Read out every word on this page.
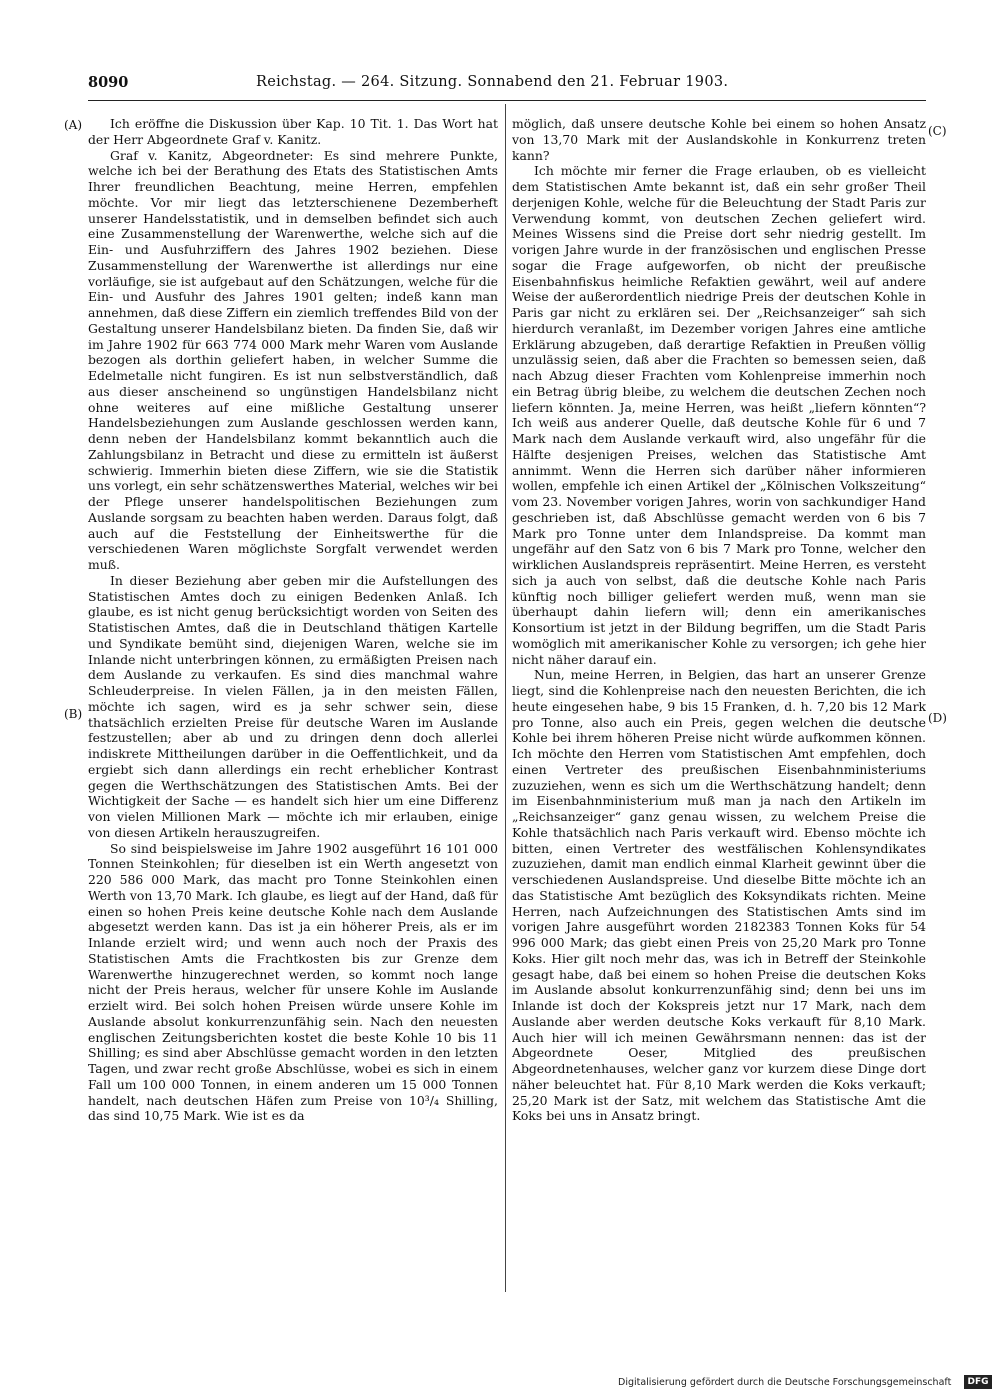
8090	Reichstag. — 264. Sitzung. Sonnabend den 21. Februar 1903.
(A)
(B)
(C)
(D)

Ich eröffne die Diskussion über Kap. 10 Tit. 1. Das Wort hat der Herr Abgeordnete Graf v. Kanitz.

Graf v. Kanitz, Abgeordneter: Es sind mehrere Punkte, welche ich bei der Berathung des Etats des Statistischen Amts Ihrer freundlichen Beachtung, meine Herren, empfehlen möchte. Vor mir liegt das letzterschienene Dezemberheft unserer Handelsstatistik, und in demselben befindet sich auch eine Zusammenstellung der Warenwerthe, welche sich auf die Ein- und Ausfuhrziffern des Jahres 1902 beziehen. Diese Zusammenstellung der Warenwerthe ist allerdings nur eine vorläufige, sie ist aufgebaut auf den Schätzungen, welche für die Ein- und Ausfuhr des Jahres 1901 gelten; indeß kann man annehmen, daß diese Ziffern ein ziemlich treffendes Bild von der Gestaltung unserer Handelsbilanz bieten. Da finden Sie, daß wir im Jahre 1902 für 663 774 000 Mark mehr Waren vom Auslande bezogen als dorthin geliefert haben, in welcher Summe die Edelmetalle nicht fungiren. Es ist nun selbstverständlich, daß aus dieser anscheinend so ungünstigen Handelsbilanz nicht ohne weiteres auf eine mißliche Gestaltung unserer Handelsbeziehungen zum Auslande geschlossen werden kann, denn neben der Handelsbilanz kommt bekanntlich auch die Zahlungsbilanz in Betracht und diese zu ermitteln ist äußerst schwierig. Immerhin bieten diese Ziffern, wie sie die Statistik uns vorlegt, ein sehr schätzenswerthes Material, welches wir bei der Pflege unserer handelspolitischen Beziehungen zum Auslande sorgsam zu beachten haben werden. Daraus folgt, daß auch auf die Feststellung der Einheitswerthe für die verschiedenen Waren möglichste Sorgfalt verwendet werden muß.

In dieser Beziehung aber geben mir die Aufstellungen des Statistischen Amtes doch zu einigen Bedenken Anlaß. Ich glaube, es ist nicht genug berücksichtigt worden von Seiten des Statistischen Amtes, daß die in Deutschland thätigen Kartelle und Syndikate bemüht sind, diejenigen Waren, welche sie im Inlande nicht unterbringen können, zu ermäßigten Preisen nach dem Auslande zu verkaufen. Es sind dies manchmal wahre Schleuderpreise. In vielen Fällen, ja in den meisten Fällen, möchte ich sagen, wird es ja sehr schwer sein, diese thatsächlich erzielten Preise für deutsche Waren im Auslande festzustellen; aber ab und zu dringen denn doch allerlei indiskrete Mittheilungen darüber in die Oeffentlichkeit, und da ergiebt sich dann allerdings ein recht erheblicher Kontrast gegen die Werthschätzungen des Statistischen Amts. Bei der Wichtigkeit der Sache — es handelt sich hier um eine Differenz von vielen Millionen Mark — möchte ich mir erlauben, einige von diesen Artikeln herauszugreifen.

So sind beispielsweise im Jahre 1902 ausgeführt 16 101 000 Tonnen Steinkohlen; für dieselben ist ein Werth angesetzt von 220 586 000 Mark, das macht pro Tonne Steinkohlen einen Werth von 13,70 Mark. Ich glaube, es liegt auf der Hand, daß für einen so hohen Preis keine deutsche Kohle nach dem Auslande abgesetzt werden kann. Das ist ja ein höherer Preis, als er im Inlande erzielt wird; und wenn auch noch der Praxis des Statistischen Amts die Frachtkosten bis zur Grenze dem Warenwerthe hinzugerechnet werden, so kommt noch lange nicht der Preis heraus, welcher für unsere Kohle im Auslande erzielt wird. Bei solch hohen Preisen würde unsere Kohle im Auslande absolut konkurrenzunfähig sein. Nach den neuesten englischen Zeitungsberichten kostet die beste Kohle 10 bis 11 Shilling; es sind aber Abschlüsse gemacht worden in den letzten Tagen, und zwar recht große Abschlüsse, wobei es sich in einem Fall um 100 000 Tonnen, in einem anderen um 15 000 Tonnen handelt, nach deutschen Häfen zum Preise von 10³/₄ Shilling, das sind 10,75 Mark. Wie ist es da

möglich, daß unsere deutsche Kohle bei einem so hohen Ansatz von 13,70 Mark mit der Auslandskohle in Konkurrenz treten kann?

Ich möchte mir ferner die Frage erlauben, ob es vielleicht dem Statistischen Amte bekannt ist, daß ein sehr großer Theil derjenigen Kohle, welche für die Beleuchtung der Stadt Paris zur Verwendung kommt, von deutschen Zechen geliefert wird. Meines Wissens sind die Preise dort sehr niedrig gestellt. Im vorigen Jahre wurde in der französischen und englischen Presse sogar die Frage aufgeworfen, ob nicht der preußische Eisenbahnfiskus heimliche Refaktien gewährt, weil auf andere Weise der außerordentlich niedrige Preis der deutschen Kohle in Paris gar nicht zu erklären sei. Der „Reichsanzeiger“ sah sich hierdurch veranlaßt, im Dezember vorigen Jahres eine amtliche Erklärung abzugeben, daß derartige Refaktien in Preußen völlig unzulässig seien, daß aber die Frachten so bemessen seien, daß nach Abzug dieser Frachten vom Kohlenpreise immerhin noch ein Betrag übrig bleibe, zu welchem die deutschen Zechen noch liefern könnten. Ja, meine Herren, was heißt „liefern könnten“? Ich weiß aus anderer Quelle, daß deutsche Kohle für 6 und 7 Mark nach dem Auslande verkauft wird, also ungefähr für die Hälfte desjenigen Preises, welchen das Statistische Amt annimmt. Wenn die Herren sich darüber näher informieren wollen, empfehle ich einen Artikel der „Kölnischen Volkszeitung“ vom 23. November vorigen Jahres, worin von sachkundiger Hand geschrieben ist, daß Abschlüsse gemacht werden von 6 bis 7 Mark pro Tonne unter dem Inlandspreise. Da kommt man ungefähr auf den Satz von 6 bis 7 Mark pro Tonne, welcher den wirklichen Auslandspreis repräsentirt. Meine Herren, es versteht sich ja auch von selbst, daß die deutsche Kohle nach Paris künftig noch billiger geliefert werden muß, wenn man sie überhaupt dahin liefern will; denn ein amerikanisches Konsortium ist jetzt in der Bildung begriffen, um die Stadt Paris womöglich mit amerikanischer Kohle zu versorgen; ich gehe hier nicht näher darauf ein.

Nun, meine Herren, in Belgien, das hart an unserer Grenze liegt, sind die Kohlenpreise nach den neuesten Berichten, die ich heute eingesehen habe, 9 bis 15 Franken, d. h. 7,20 bis 12 Mark pro Tonne, also auch ein Preis, gegen welchen die deutsche Kohle bei ihrem höheren Preise nicht würde aufkommen können. Ich möchte den Herren vom Statistischen Amt empfehlen, doch einen Vertreter des preußischen Eisenbahnministeriums zuzuziehen, wenn es sich um die Werthschätzung handelt; denn im Eisenbahnministerium muß man ja nach den Artikeln im „Reichsanzeiger“ ganz genau wissen, zu welchem Preise die Kohle thatsächlich nach Paris verkauft wird. Ebenso möchte ich bitten, einen Vertreter des westfälischen Kohlensyndikates zuzuziehen, damit man endlich einmal Klarheit gewinnt über die verschiedenen Auslandspreise. Und dieselbe Bitte möchte ich an das Statistische Amt bezüglich des Koksyndikats richten. Meine Herren, nach Aufzeichnungen des Statistischen Amts sind im vorigen Jahre ausgeführt worden 2182383 Tonnen Koks für 54 996 000 Mark; das giebt einen Preis von 25,20 Mark pro Tonne Koks. Hier gilt noch mehr das, was ich in Betreff der Steinkohle gesagt habe, daß bei einem so hohen Preise die deutschen Koks im Auslande absolut konkurrenzunfähig sind; denn bei uns im Inlande ist doch der Kokspreis jetzt nur 17 Mark, nach dem Auslande aber werden deutsche Koks verkauft für 8,10 Mark. Auch hier will ich meinen Gewährsmann nennen: das ist der Abgeordnete Oeser, Mitglied des preußischen Abgeordnetenhauses, welcher ganz vor kurzem diese Dinge dort näher beleuchtet hat. Für 8,10 Mark werden die Koks verkauft; 25,20 Mark ist der Satz, mit welchem das Statistische Amt die Koks bei uns in Ansatz bringt.

Digitalisierung gefördert durch die Deutsche Forschungsgemeinschaft	DFG
